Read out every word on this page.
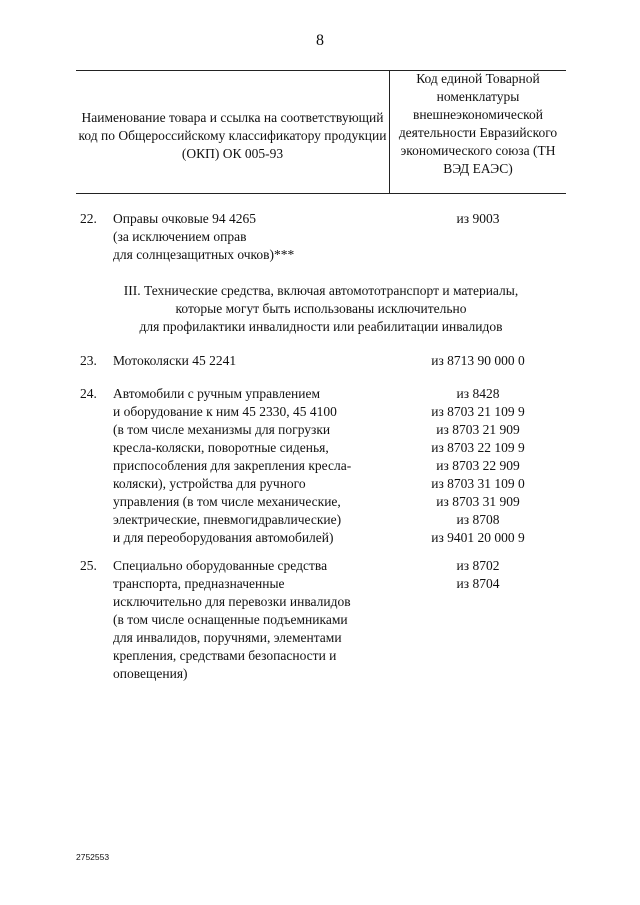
8
Наименование товара и ссылка на соответствующий код по Общероссийскому классификатору продукции (ОКП) ОК 005-93
Код единой Товарной номенклатуры внешнеэкономической деятельности Евразийского экономического союза (ТН ВЭД ЕАЭС)
22.	Оправы очковые 94 4265
(за исключением оправ
для солнцезащитных очков)***
из 9003
III. Технические средства, включая автомототранспорт и материалы,
которые могут быть использованы исключительно
для профилактики инвалидности или реабилитации инвалидов
23.	Мотоколяски 45 2241	из 8713 90 000 0
24.	Автомобили с ручным управлением
и оборудование к ним 45 2330, 45 4100
(в том числе механизмы для погрузки
кресла-коляски, поворотные сиденья,
приспособления для закрепления кресла-
коляски), устройства для ручного
управления (в том числе механические,
электрические, пневмогидравлические)
и для переоборудования автомобилей)
из 8428
из 8703 21 109 9
из 8703 21 909
из 8703 22 109 9
из 8703 22 909
из 8703 31 109 0
из 8703 31 909
из 8708
из 9401 20 000 9
25.	Специально оборудованные средства
транспорта, предназначенные
исключительно для перевозки инвалидов
(в том числе оснащенные подъемниками
для инвалидов, поручнями, элементами
крепления, средствами безопасности и
оповещения)
из 8702
из 8704
2752553
